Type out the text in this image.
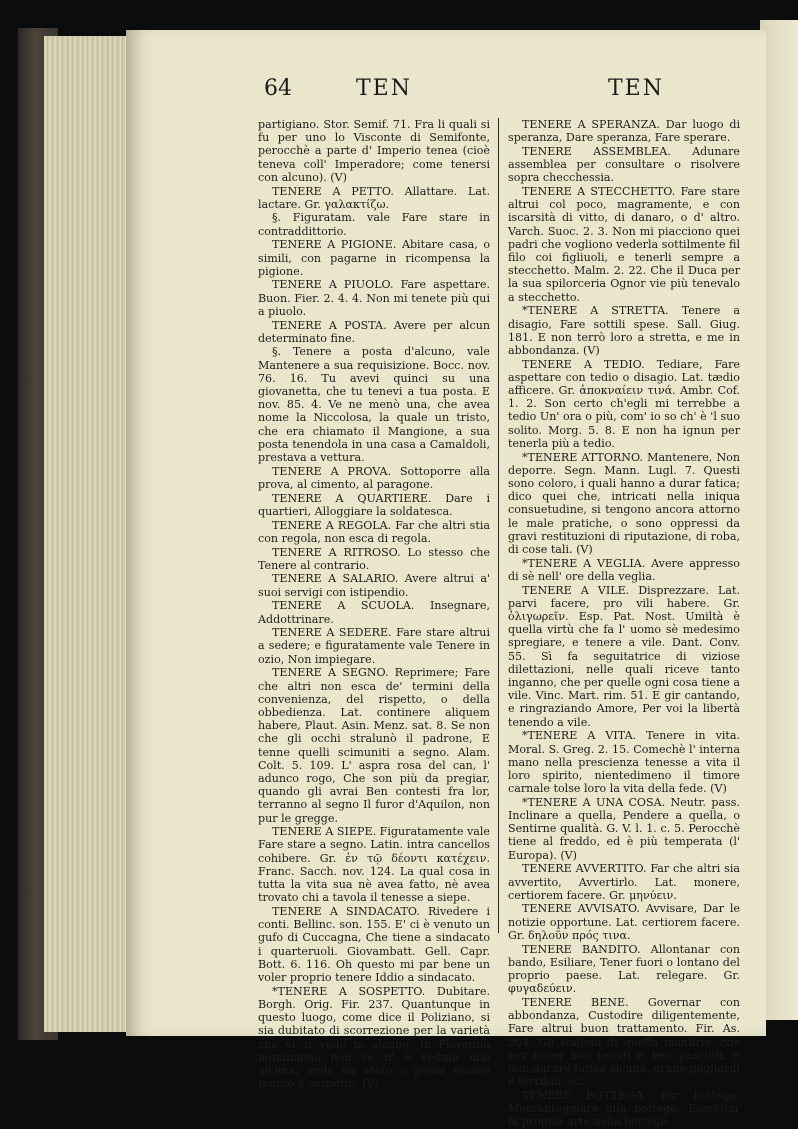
64	TEN	TEN

partigiano. Stor. Semif. 71. Fra li quali si fu per uno lo Visconte di Semifonte, perocchè a parte d' Imperio tenea (cioè teneva coll' Imperadore; come tenersi con alcuno). (V)

TENERE A PETTO. Allattare. Lat. lactare. Gr. γαλακτίζω.

§. Figuratam. vale Fare stare in contraddittorio.

TENERE A PIGIONE. Abitare casa, o simili, con pagarne in ricompensa la pigione.

TENERE A PIUOLO. Fare aspettare. Buon. Fier. 2. 4. 4. Non mi tenete più qui a piuolo.

TENERE A POSTA. Avere per alcun determinato fine.

§. Tenere a posta d'alcuno, vale Mantenere a sua requisizione. Bocc. nov. 76. 16. Tu avevi quinci su una giovanetta, che tu tenevi a tua posta. E nov. 85. 4. Ve ne menò una, che avea nome la Niccolosa, la quale un tristo, che era chiamato il Mangione, a sua posta tenendola in una casa a Camaldoli, prestava a vettura.

TENERE A PROVA. Sottoporre alla prova, al cimento, al paragone.

TENERE A QUARTIERE. Dare i quartieri, Alloggiare la soldatesca.

TENERE A REGOLA. Far che altri stia con regola, non esca di regola.

TENERE A RITROSO. Lo stesso che Tenere al contrario.

TENERE A SALARIO. Avere altrui a' suoi servigi con istipendio.

TENERE A SCUOLA. Insegnare, Addottrinare.

TENERE A SEDERE. Fare stare altrui a sedere; e figuratamente vale Tenere in ozio, Non impiegare.

TENERE A SEGNO. Reprimere; Fare che altri non esca de' termini della convenienza, del rispetto, o della obbedienza. Lat. continere aliquem habere, Plaut. Asin. Menz. sat. 8. Se non che gli occhi stralunò il padrone, E tenne quelli scimuniti a segno. Alam. Colt. 5. 109. L' aspra rosa del can, l' adunco rogo, Che son più da pregiar, quando gli avrai Ben contesti fra lor, terranno al segno Il furor d'Aquilon, non pur le gregge.

TENERE A SIEPE. Figuratamente vale Fare stare a segno. Latin. intra cancellos cohibere. Gr. ἐν τῷ δέοντι κατέχειν. Franc. Sacch. nov. 124. La qual cosa in tutta la vita sua nè avea fatto, nè avea trovato chi a tavola il tenesse a siepe.

TENERE A SINDACATO. Rivedere i conti. Bellinc. son. 155. E' ci è venuto un gufo di Cuccagna, Che tiene a sindacato i quarteruoli. Giovambatt. Gell. Capr. Bott. 6. 116. Oh questo mi par bene un voler proprio tenere Iddio a sindacato.

*TENERE A SOSPETTO. Dubitare. Borgh. Orig. Fir. 237. Quantunque in questo luogo, come dice il Poliziano, si sia dubitato di scorrezione per la varietà che vi si vede in alcune; in Florentia nondimeno non se n' è veduta mai alcuna, onde sia stato o possa essere tenuto a sospetto. (V)

TENERE A SPERANZA. Dar luogo di speranza, Dare speranza, Fare sperare.

TENERE ASSEMBLEA. Adunare assemblea per consultare o risolvere sopra checchessia.

TENERE A STECCHETTO. Fare stare altrui col poco, magramente, e con iscarsità di vitto, di danaro, o d' altro. Varch. Suoc. 2. 3. Non mi piacciono quei padri che vogliono vederla sottilmente fil filo coi figliuoli, e tenerli sempre a stecchetto. Malm. 2. 22. Che il Duca per la sua spilorceria Ognor vie più tenevalo a stecchetto.

*TENERE A STRETTA. Tenere a disagio, Fare sottili spese. Sall. Giug. 181. E non terrò loro a stretta, e me in abbondanza. (V)

TENERE A TEDIO. Tediare, Fare aspettare con tedio o disagio. Lat. tædio afficere. Gr. ἀποκναίειν τινά. Ambr. Cof. 1. 2. Son certo ch'egli mi terrebbe a tedio Un' ora o più, com' io so ch' è 'l suo solito. Morg. 5. 8. E non ha ignun per tenerla più a tedio.

*TENERE ATTORNO. Mantenere, Non deporre. Segn. Mann. Lugl. 7. Questi sono coloro, i quali hanno a durar fatica; dico quei che, intricati nella iniqua consuetudine, si tengono ancora attorno le male pratiche, o sono oppressi da gravi restituzioni di riputazione, di roba, di cose tali. (V)

*TENERE A VEGLIA. Avere appresso di sè nell' ore della veglia.

TENERE A VILE. Disprezzare. Lat. parvi facere, pro vili habere. Gr. ὀλιγωρεῖν. Esp. Pat. Nost. Umiltà è quella virtù che fa l' uomo sè medesimo spregiare, e tenere a vile. Dant. Conv. 55. Sì fa seguitatrice di viziose dilettazioni, nelle quali riceve tanto inganno, che per quelle ogni cosa tiene a vile. Vinc. Mart. rim. 51. E gir cantando, e ringraziando Amore, Per voi la libertà tenendo a vile.

*TENERE A VITA. Tenere in vita. Moral. S. Greg. 2. 15. Comechè l' interna mano nella prescienza tenesse a vita il loro spirito, nientedimeno il timore carnale tolse loro la vita della fede. (V)

*TENERE A UNA COSA. Neutr. pass. Inclinare a quella, Pendere a quella, o Sentirne qualità. G. V. l. 1. c. 5. Perocchè tiene al freddo, ed è più temperata (l' Europa). (V)

TENERE AVVERTITO. Far che altri sia avvertito, Avvertirlo. Lat. monere, certiorem facere. Gr. μηνύειν.

TENERE AVVISATO. Avvisare, Dar le notizie opportune. Lat. certiorem facere. Gr. δηλοῦν πρός τινα.

TENERE BANDITO. Allontanar con bando, Esiliare, Tener fuori o lontano del proprio paese. Lat. relegare. Gr. φυγαδεύειν.

TENERE BENE. Governar con abbondanza, Custodire diligentemente, Fare altrui buon trattamento. Fir. As. 204. Gli stalloni di quella mandria, che per esser ben tenuti e ben pasciuti, e non durare fatica alcuna, erano gagliardi e terribili, ec.

TENERE BOTTEGA. Far bottega, Mercanteggiare alla bottega, Esercitar la propria arte nella bottega.
